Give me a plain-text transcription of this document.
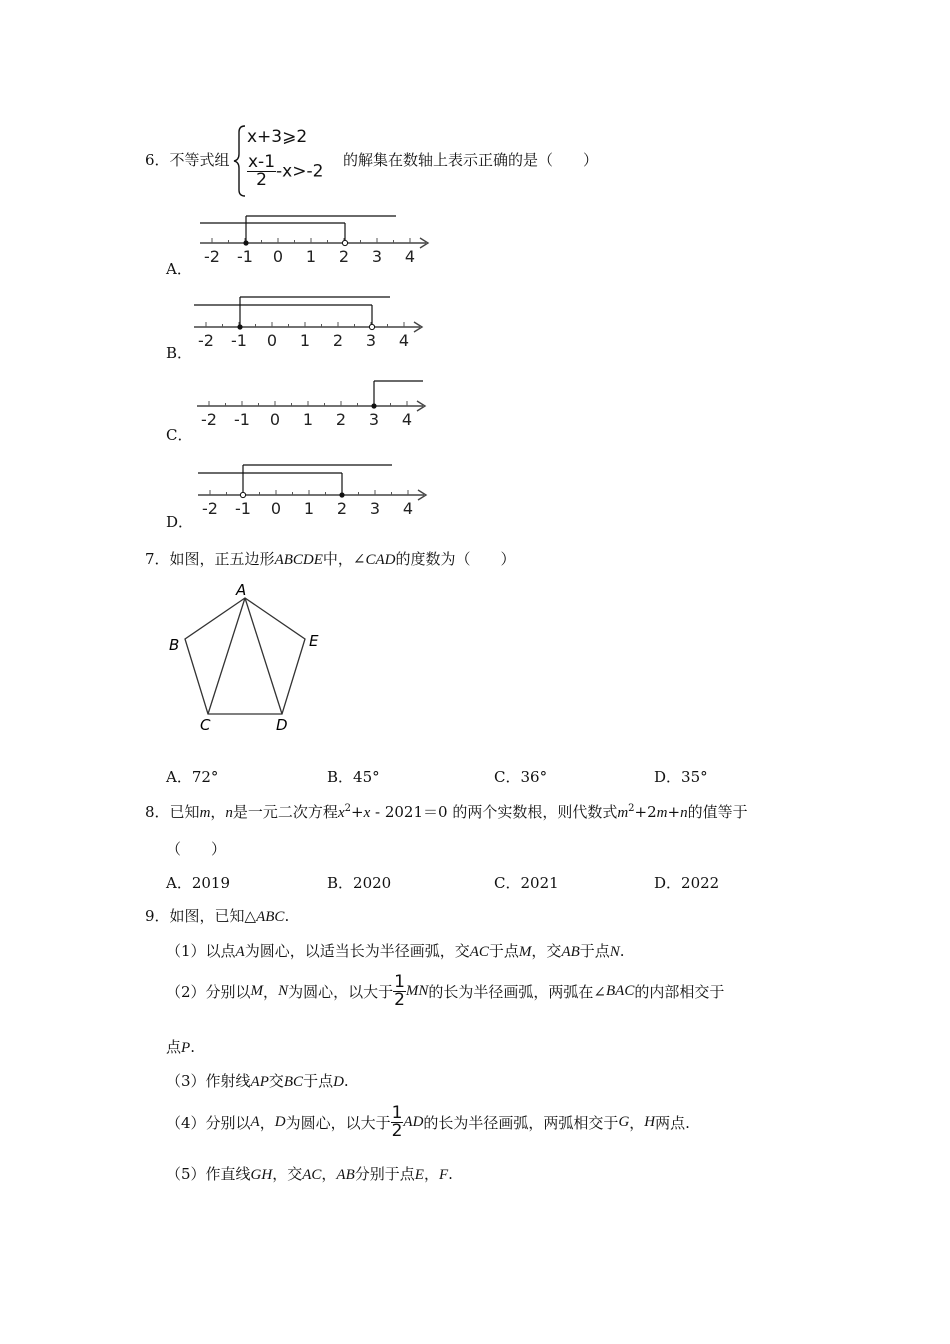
6．不等式组
x+3⩾2
$\frac{x-1}{2} -x>-2$
的解集在数轴上表示正确的是（　　）
A．
-2 -1 0 1 2 3 4
B．
-2 -1 0 1 2 3 4
C．
-2 -1 0 1 2 3 4
D．
-2 -1 0 1 2 3 4
7．如图，正五边形ABCDE中，∠CAD的度数为（　　）
A
B
C	D
E
A．72°	B．45°	C．36°	D．35°
8．已知m，n是一元二次方程$x^2+x$ ‑ 2021＝0 的两个实数根，则代数式$m^2+2m+n$的值等于
（　　）
A．2019	B．2020	C．2021	D．2022
9．如图，已知△ABC.
（1）以点A为圆心，以适当长为半径画弧，交AC于点M，交AB于点N.
（2）分别以M，N为圆心，以大于 $\frac{1}{2}$ MN的长为半径画弧，两弧在∠BAC的内部相交于
点P.
（3）作射线AP交BC于点D.
（4）分别以A，D为圆心，以大于 $\frac{1}{2}$ AD的长为半径画弧，两弧相交于G，H两点.
（5）作直线GH，交AC，AB分别于点E，F.
